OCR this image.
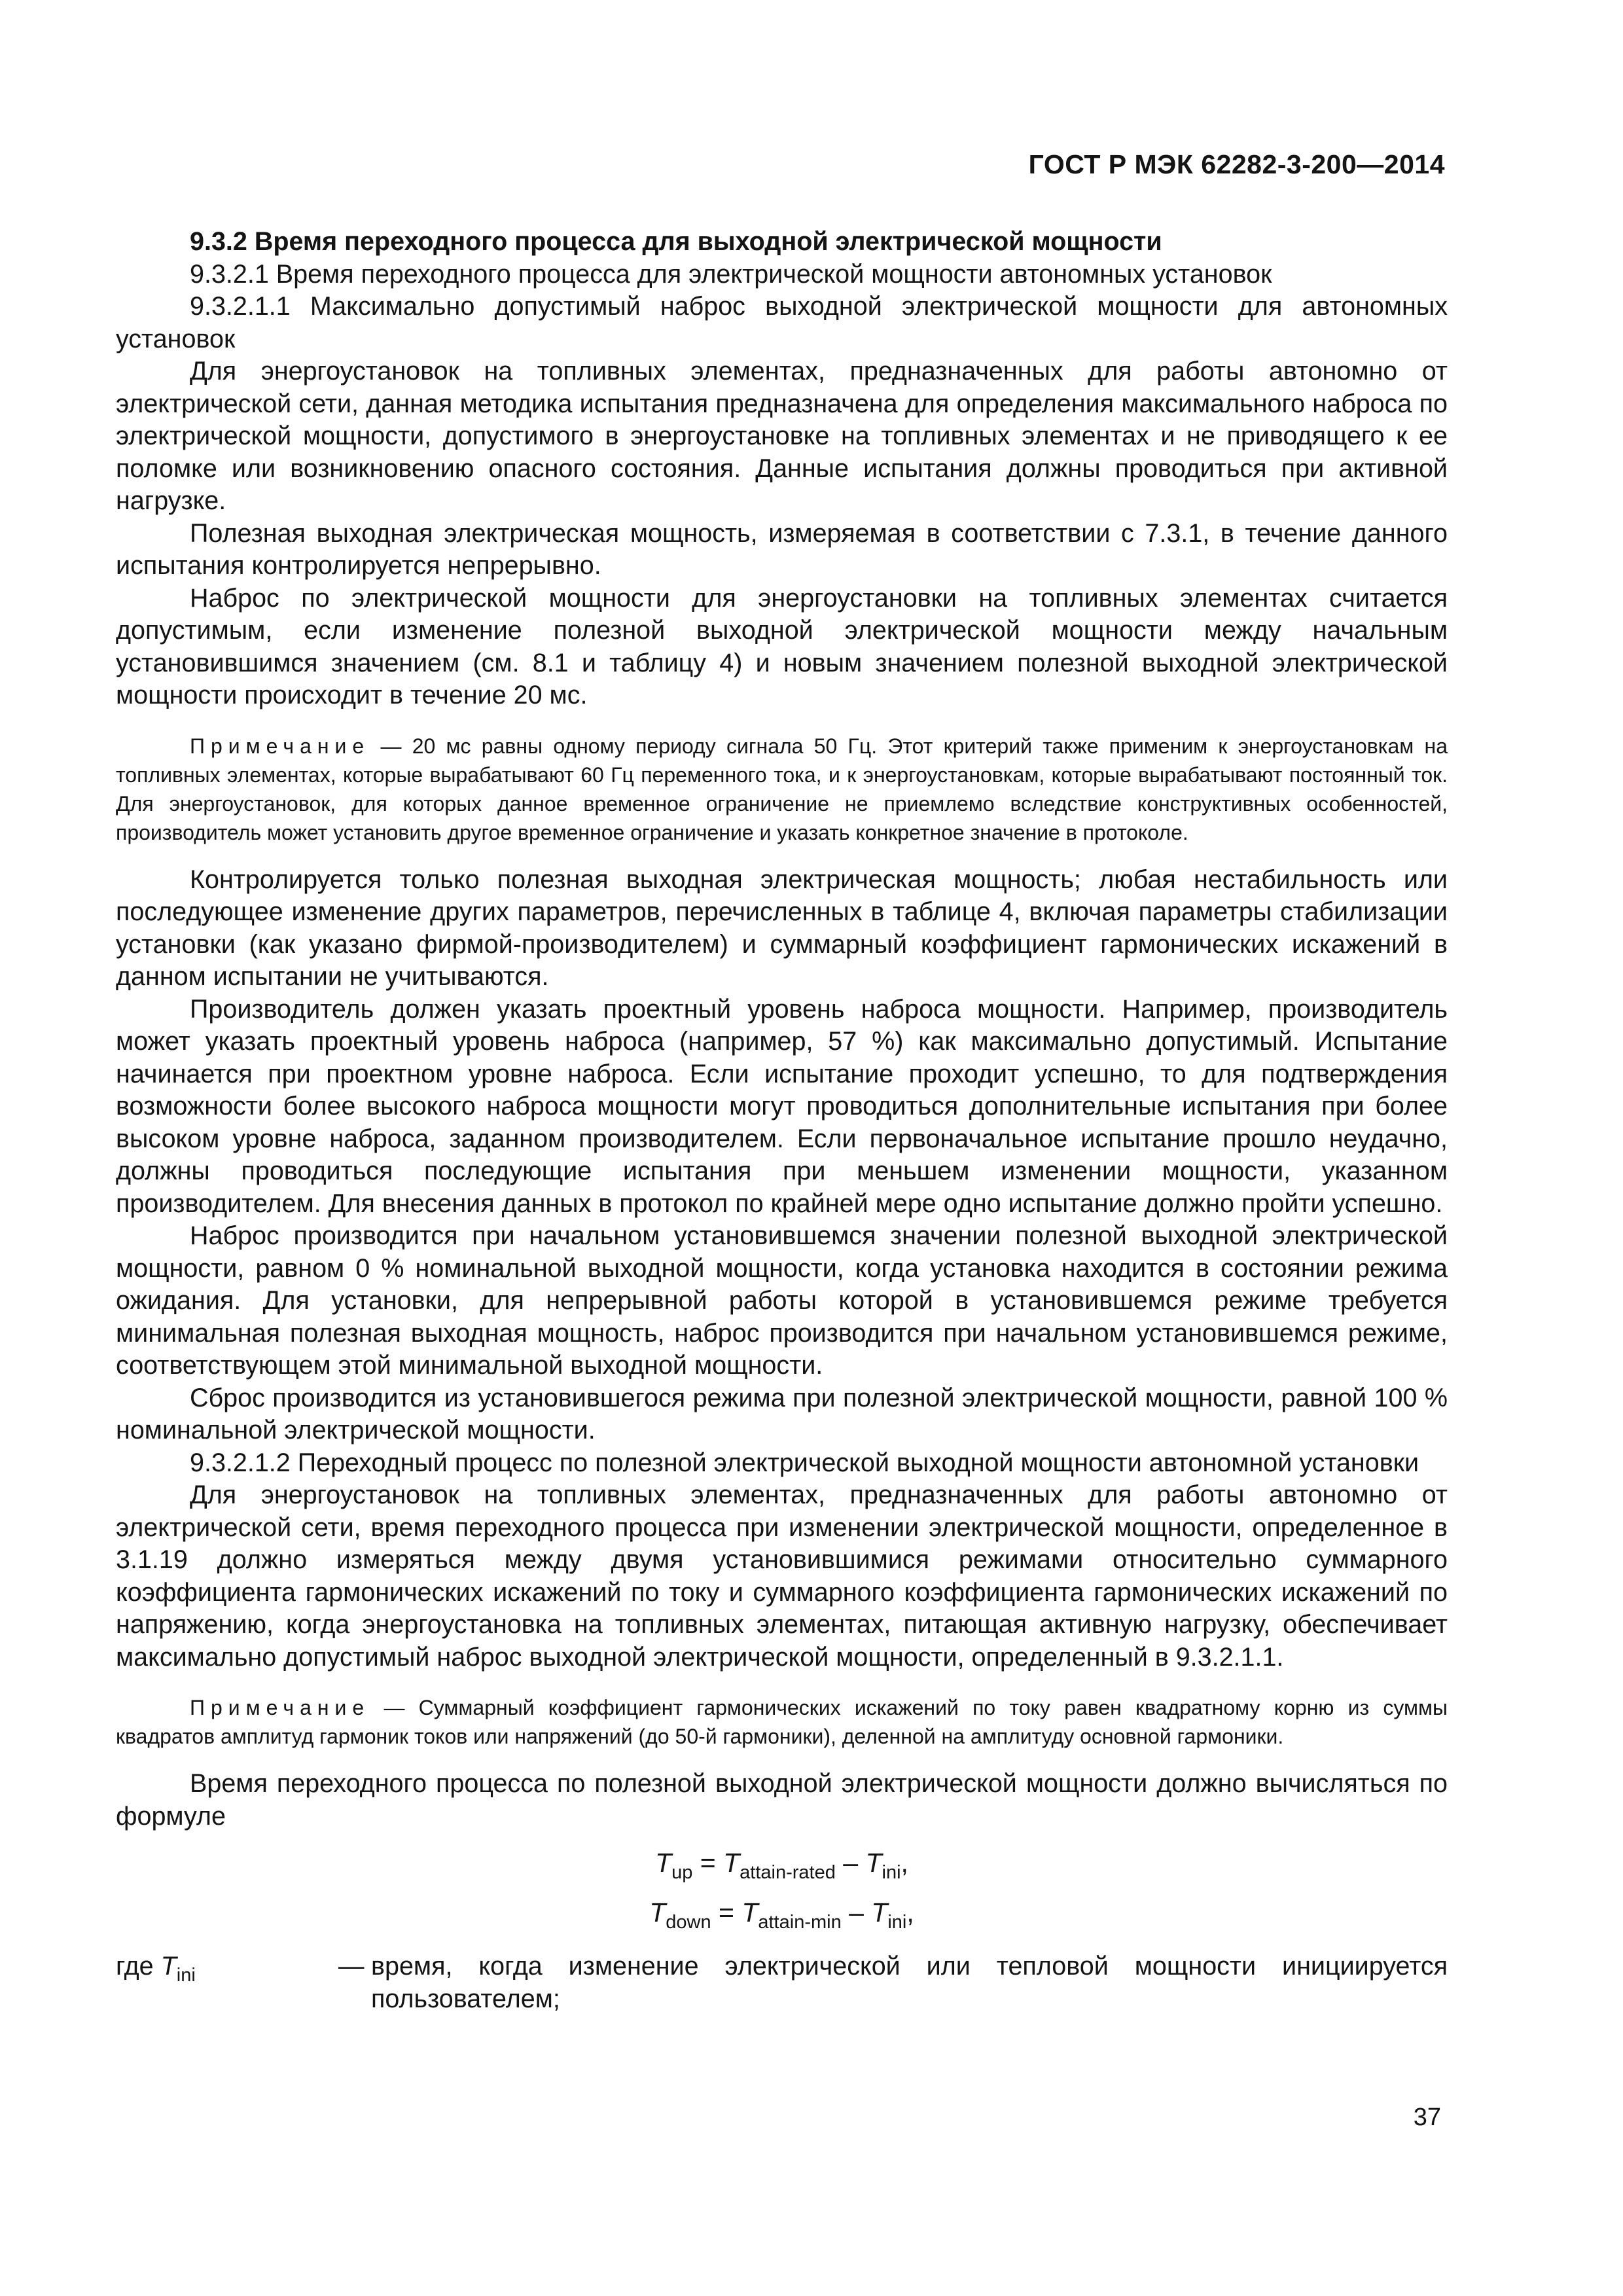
ГОСТ Р МЭК 62282-3-200—2014

9.3.2 Время переходного процесса для выходной электрической мощности

9.3.2.1 Время переходного процесса для электрической мощности автономных установок

9.3.2.1.1 Максимально допустимый наброс выходной электрической мощности для автономных установок

Для энергоустановок на топливных элементах, предназначенных для работы автономно от электрической сети, данная методика испытания предназначена для определения максимального наброса по электрической мощности, допустимого в энергоустановке на топливных элементах и не приводящего к ее поломке или возникновению опасного состояния. Данные испытания должны проводиться при активной нагрузке.

Полезная выходная электрическая мощность, измеряемая в соответствии с 7.3.1, в течение данного испытания контролируется непрерывно.

Наброс по электрической мощности для энергоустановки на топливных элементах считается допустимым, если изменение полезной выходной электрической мощности между начальным установившимся значением (см. 8.1 и таблицу 4) и новым значением полезной выходной электрической мощности происходит в течение 20 мс.

Примечание — 20 мс равны одному периоду сигнала 50 Гц. Этот критерий также применим к энергоустановкам на топливных элементах, которые вырабатывают 60 Гц переменного тока, и к энергоустановкам, которые вырабатывают постоянный ток. Для энергоустановок, для которых данное временное ограничение не приемлемо вследствие конструктивных особенностей, производитель может установить другое временное ограничение и указать конкретное значение в протоколе.

Контролируется только полезная выходная электрическая мощность; любая нестабильность или последующее изменение других параметров, перечисленных в таблице 4, включая параметры стабилизации установки (как указано фирмой-производителем) и суммарный коэффициент гармонических искажений в данном испытании не учитываются.

Производитель должен указать проектный уровень наброса мощности. Например, производитель может указать проектный уровень наброса (например, 57 %) как максимально допустимый. Испытание начинается при проектном уровне наброса. Если испытание проходит успешно, то для подтверждения возможности более высокого наброса мощности могут проводиться дополнительные испытания при более высоком уровне наброса, заданном производителем. Если первоначальное испытание прошло неудачно, должны проводиться последующие испытания при меньшем изменении мощности, указанном производителем. Для внесения данных в протокол по крайней мере одно испытание должно пройти успешно.

Наброс производится при начальном установившемся значении полезной выходной электрической мощности, равном 0 % номинальной выходной мощности, когда установка находится в состоянии режима ожидания. Для установки, для непрерывной работы которой в установившемся режиме требуется минимальная полезная выходная мощность, наброс производится при начальном установившемся режиме, соответствующем этой минимальной выходной мощности.

Сброс производится из установившегося режима при полезной электрической мощности, равной 100 % номинальной электрической мощности.

9.3.2.1.2 Переходный процесс по полезной электрической выходной мощности автономной установки

Для энергоустановок на топливных элементах, предназначенных для работы автономно от электрической сети, время переходного процесса при изменении электрической мощности, определенное в 3.1.19 должно измеряться между двумя установившимися режимами относительно суммарного коэффициента гармонических искажений по току и суммарного коэффициента гармонических искажений по напряжению, когда энергоустановка на топливных элементах, питающая активную нагрузку, обеспечивает максимально допустимый наброс выходной электрической мощности, определенный в 9.3.2.1.1.

Примечание — Суммарный коэффициент гармонических искажений по току равен квадратному корню из суммы квадратов амплитуд гармоник токов или напряжений (до 50-й гармоники), деленной на амплитуду основной гармоники.

Время переходного процесса по полезной выходной электрической мощности должно вычисляться по формуле

$T_{up} = T_{attain-rated} - T_{ini}$,
$T_{down} = T_{attain-min} - T_{ini}$,
где $T_{ini}$	— время, когда изменение электрической или тепловой мощности инициируется пользователем;
37
